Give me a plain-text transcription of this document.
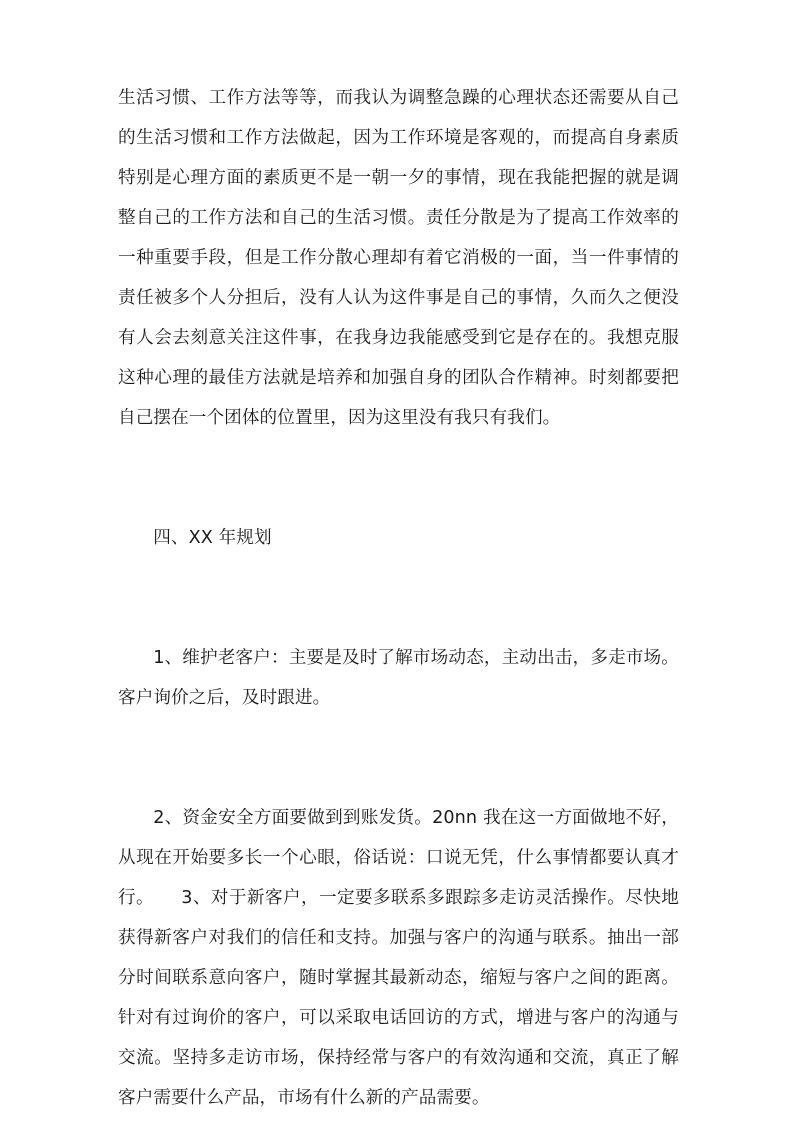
生活习惯、工作方法等等，而我认为调整急躁的心理状态还需要从自己的生活习惯和工作方法做起，因为工作环境是客观的，而提高自身素质特别是心理方面的素质更不是一朝一夕的事情，现在我能把握的就是调整自己的工作方法和自己的生活习惯。责任分散是为了提高工作效率的一种重要手段，但是工作分散心理却有着它消极的一面，当一件事情的责任被多个人分担后，没有人认为这件事是自己的事情，久而久之便没有人会去刻意关注这件事，在我身边我能感受到它是存在的。我想克服这种心理的最佳方法就是培养和加强自身的团队合作精神。时刻都要把自己摆在一个团体的位置里，因为这里没有我只有我们。

四、XX 年规划

1、维护老客户：主要是及时了解市场动态，主动出击，多走市场。客户询价之后，及时跟进。

2、资金安全方面要做到到账发货。20nn 我在这一方面做地不好，从现在开始要多长一个心眼，俗话说：口说无凭，什么事情都要认真才行。　　3、对于新客户，一定要多联系多跟踪多走访灵活操作。尽快地获得新客户对我们的信任和支持。加强与客户的沟通与联系。抽出一部分时间联系意向客户，随时掌握其最新动态，缩短与客户之间的距离。针对有过询价的客户，可以采取电话回访的方式，增进与客户的沟通与交流。坚持多走访市场，保持经常与客户的有效沟通和交流，真正了解客户需要什么产品，市场有什么新的产品需要。
